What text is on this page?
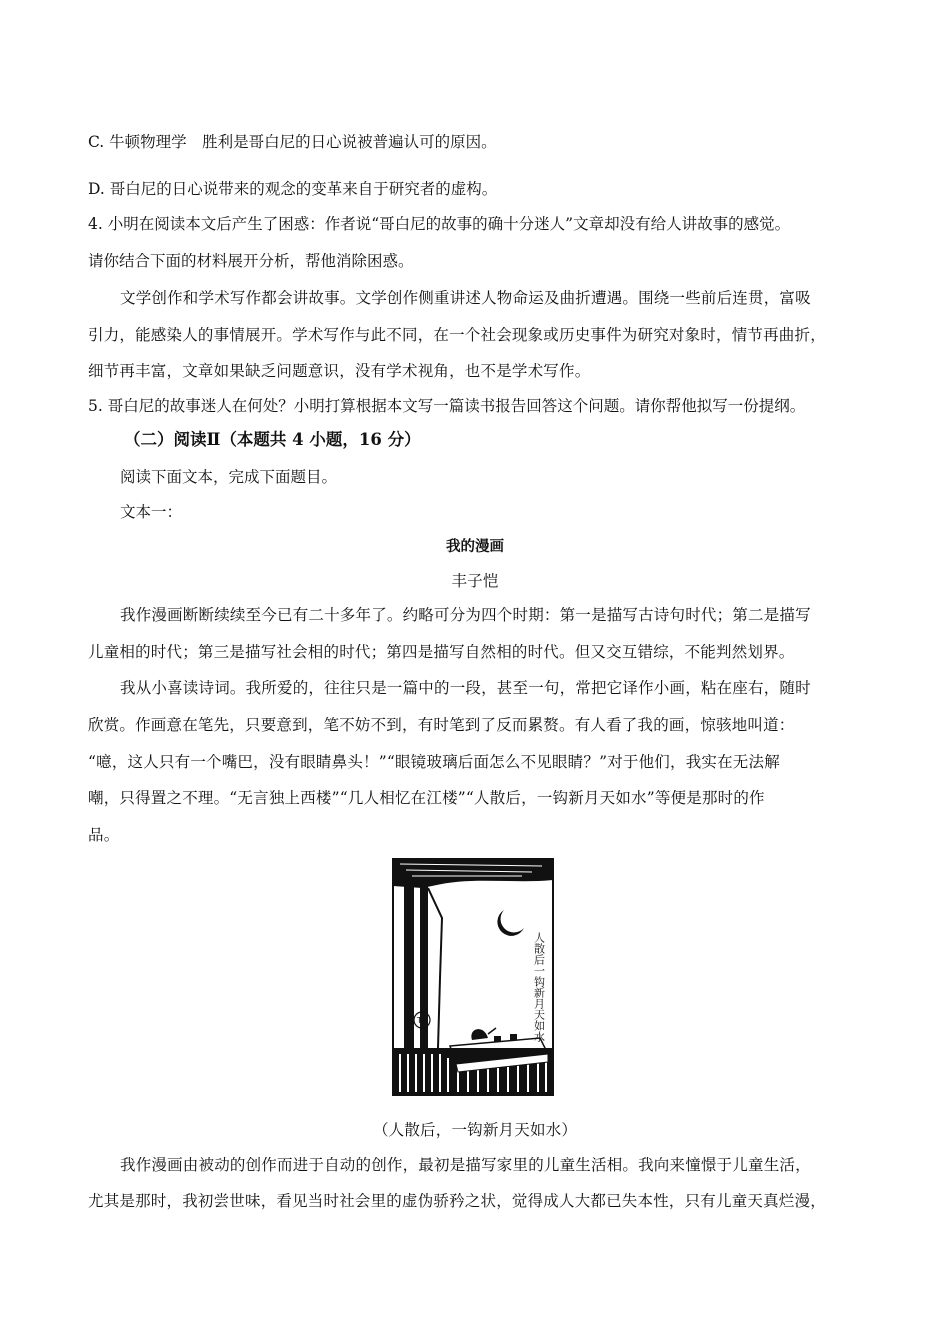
C. 牛顿物理学　胜利是哥白尼的日心说被普遍认可的原因。
D. 哥白尼的日心说带来的观念的变革来自于研究者的虚构。
4. 小明在阅读本文后产生了困惑：作者说“哥白尼的故事的确十分迷人”文章却没有给人讲故事的感觉。
请你结合下面的材料展开分析，帮他消除困惑。
文学创作和学术写作都会讲故事。文学创作侧重讲述人物命运及曲折遭遇。围绕一些前后连贯，富吸
引力，能感染人的事情展开。学术写作与此不同，在一个社会现象或历史事件为研究对象时，情节再曲折，
细节再丰富，文章如果缺乏问题意识，没有学术视角，也不是学术写作。
5. 哥白尼的故事迷人在何处？小明打算根据本文写一篇读书报告回答这个问题。请你帮他拟写一份提纲。
（二）阅读Ⅱ（本题共 4 小题，16 分）
阅读下面文本，完成下面题目。
文本一：
我的漫画
丰子恺
我作漫画断断续续至今已有二十多年了。约略可分为四个时期：第一是描写古诗句时代；第二是描写
儿童相的时代；第三是描写社会相的时代；第四是描写自然相的时代。但又交互错综，不能判然划界。
我从小喜读诗词。我所爱的，往往只是一篇中的一段，甚至一句，常把它译作小画，粘在座右，随时
欣赏。作画意在笔先，只要意到，笔不妨不到，有时笔到了反而累赘。有人看了我的画，惊骇地叫道：
“噫，这人只有一个嘴巴，没有眼睛鼻头！”“眼镜玻璃后面怎么不见眼睛？”对于他们，我实在无法解
嘲，只得置之不理。“无言独上西楼”“几人相忆在江楼”“人散后，一钩新月天如水”等便是那时的作
品。
TK	人散后一钩新月天如水
（人散后，一钩新月天如水）
我作漫画由被动的创作而进于自动的创作，最初是描写家里的儿童生活相。我向来憧憬于儿童生活，
尤其是那时，我初尝世味，看见当时社会里的虚伪骄矜之状，觉得成人大都已失本性，只有儿童天真烂漫，
